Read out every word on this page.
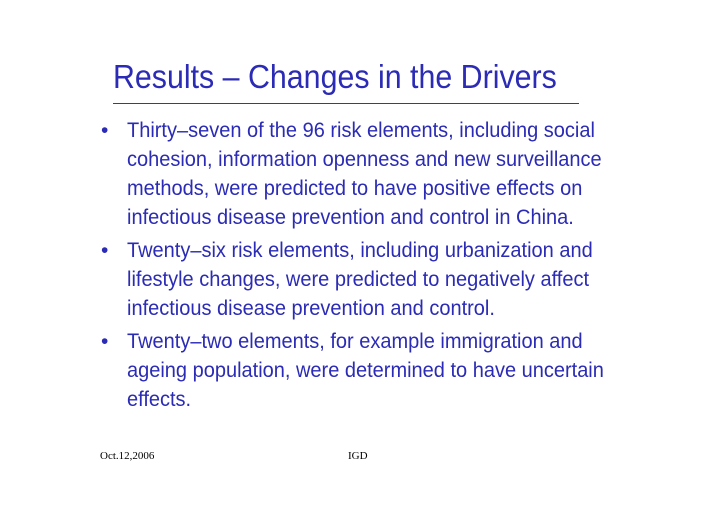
Results – Changes in the Drivers
• Thirty–seven of the 96 risk elements, including social cohesion, information openness and new surveillance methods, were predicted to have positive effects on infectious disease prevention and control in China.
• Twenty–six risk elements, including urbanization and lifestyle changes, were predicted to negatively affect infectious disease prevention and control.
• Twenty–two elements, for example immigration and ageing population, were determined to have uncertain effects.
Oct.12,2006	IGD
